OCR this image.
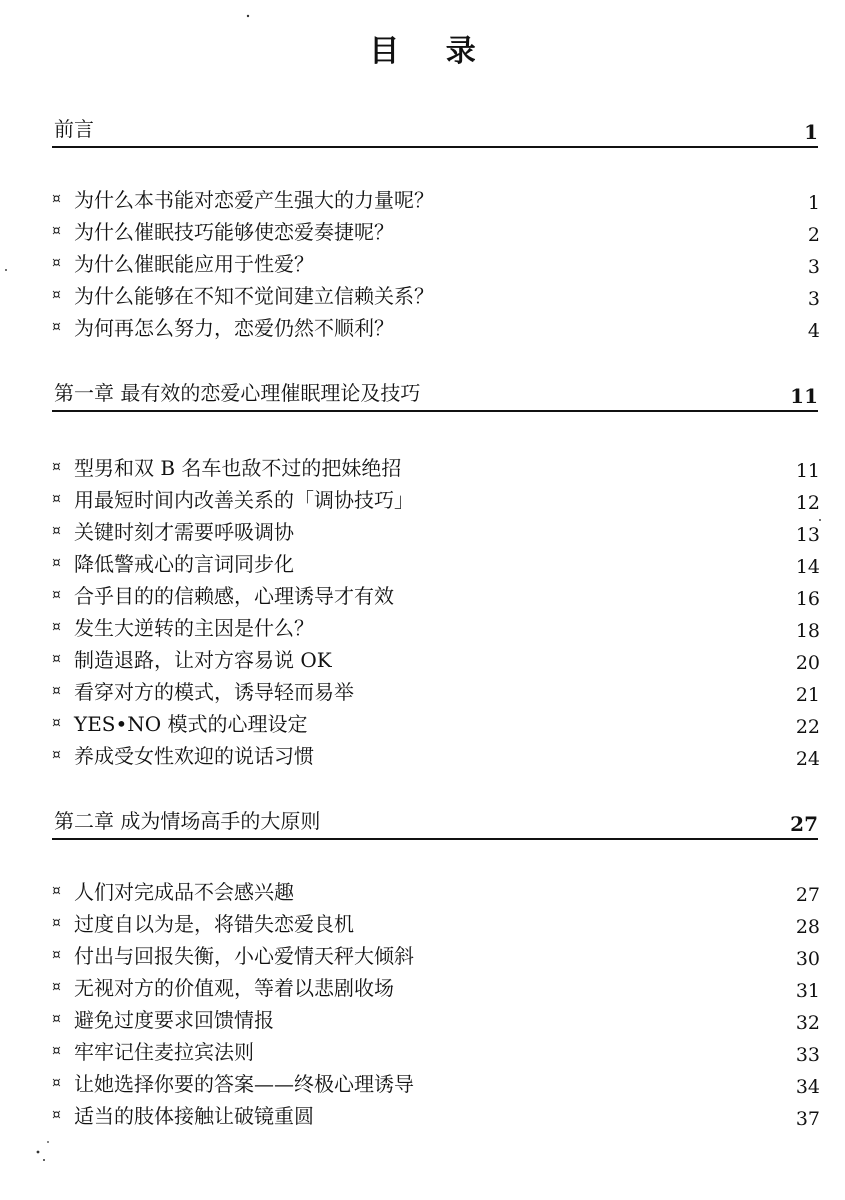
目 录
前言	1
¤ 为什么本书能对恋爱产生强大的力量呢？	1
¤ 为什么催眠技巧能够使恋爱奏捷呢？	2
¤ 为什么催眠能应用于性爱？	3
¤ 为什么能够在不知不觉间建立信赖关系？	3
¤ 为何再怎么努力，恋爱仍然不顺利？	4
第一章 最有效的恋爱心理催眠理论及技巧	11
¤ 型男和双 B 名车也敌不过的把妹绝招	11
¤ 用最短时间内改善关系的「调协技巧」	12
¤ 关键时刻才需要呼吸调协	13
¤ 降低警戒心的言词同步化	14
¤ 合乎目的的信赖感，心理诱导才有效	16
¤ 发生大逆转的主因是什么？	18
¤ 制造退路，让对方容易说 OK	20
¤ 看穿对方的模式，诱导轻而易举	21
¤ YES•NO 模式的心理设定	22
¤ 养成受女性欢迎的说话习惯	24
第二章 成为情场高手的大原则	27
¤ 人们对完成品不会感兴趣	27
¤ 过度自以为是，将错失恋爱良机	28
¤ 付出与回报失衡，小心爱情天秤大倾斜	30
¤ 无视对方的价值观，等着以悲剧收场	31
¤ 避免过度要求回馈情报	32
¤ 牢牢记住麦拉宾法则	33
¤ 让她选择你要的答案——终极心理诱导	34
¤ 适当的肢体接触让破镜重圆	37
